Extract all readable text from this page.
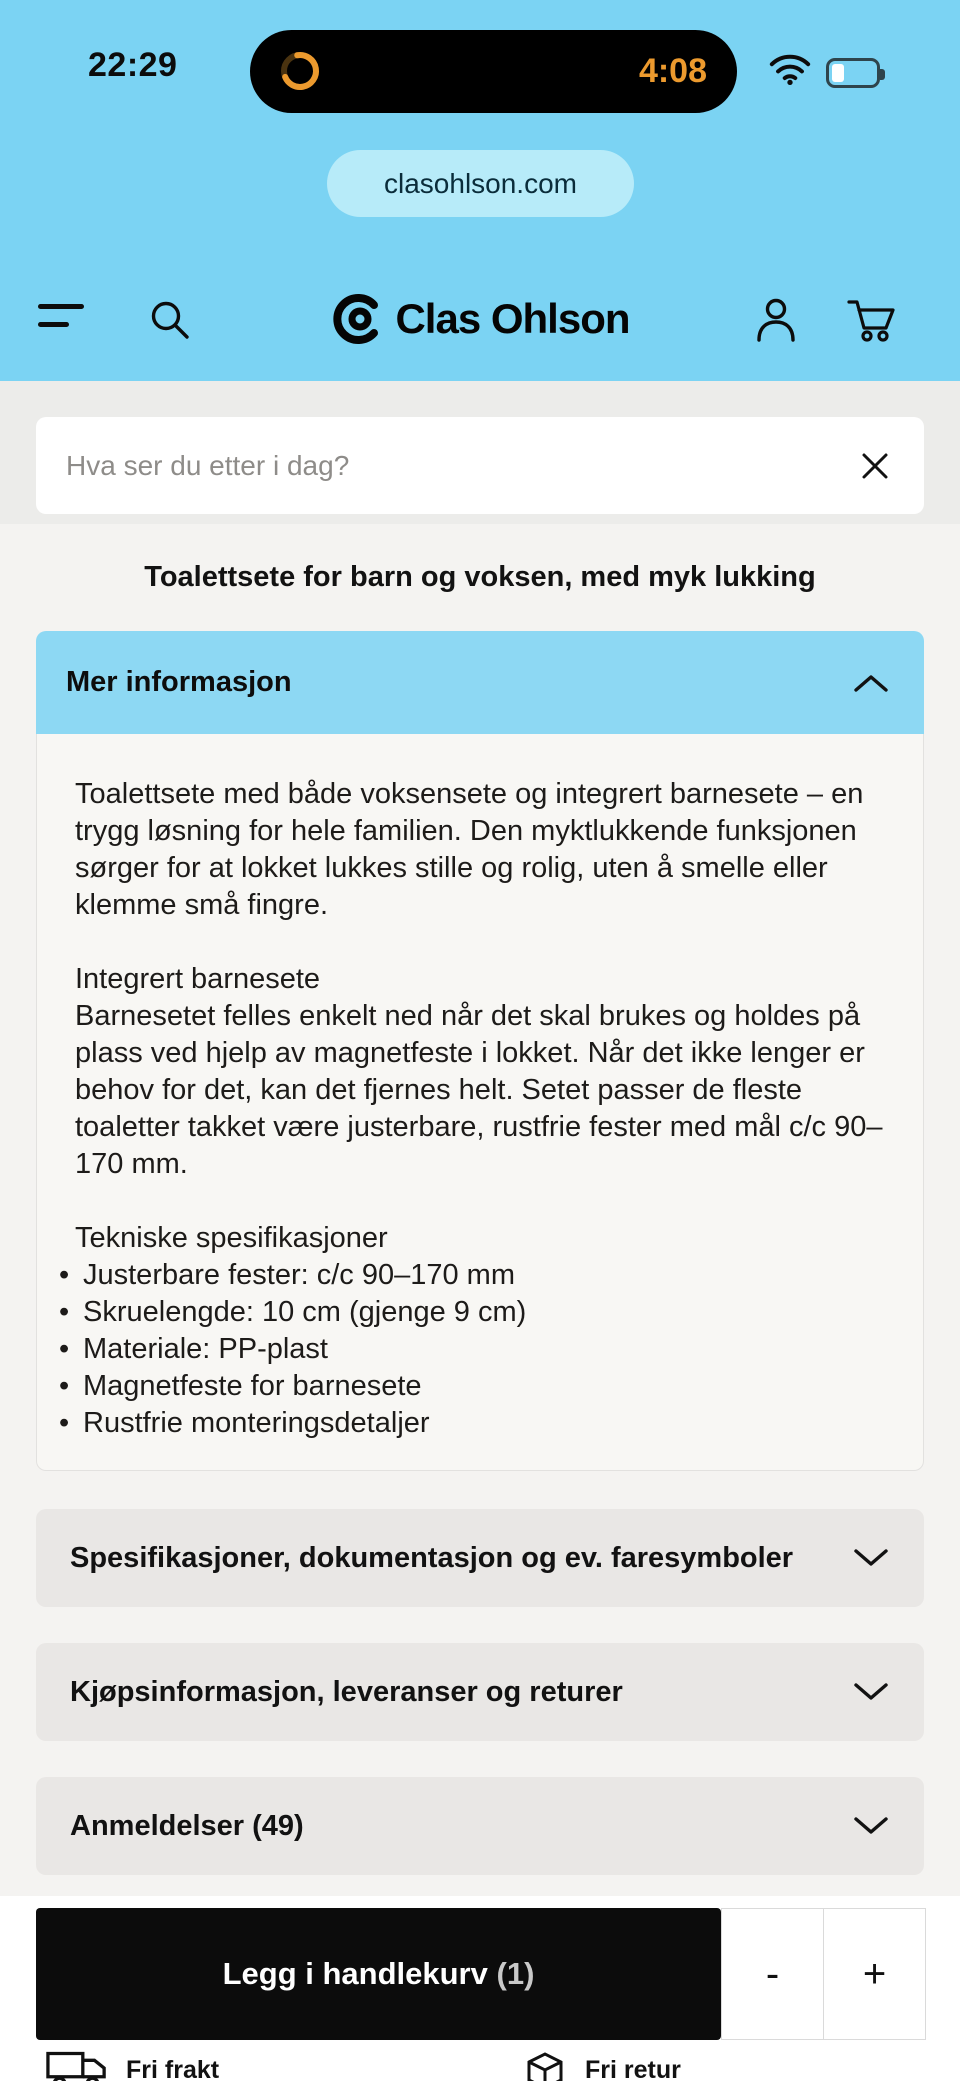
22:29	4:08
clasohlson.com
Clas Ohlson
Hva ser du etter i dag?
Toalettsete for barn og voksen, med myk lukking
Mer informasjon
Toalettsete med både voksensete og integrert barnesete – en trygg løsning for hele familien. Den myktlukkende funksjonen sørger for at lokket lukkes stille og rolig, uten å smelle eller klemme små fingre.
Integrert barnesete
Barnesetet felles enkelt ned når det skal brukes og holdes på plass ved hjelp av magnetfeste i lokket. Når det ikke lenger er behov for det, kan det fjernes helt. Setet passer de fleste toaletter takket være justerbare, rustfrie fester med mål c/c 90–170 mm.
Tekniske spesifikasjoner
• Justerbare fester: c/c 90–170 mm
• Skruelengde: 10 cm (gjenge 9 cm)
• Materiale: PP-plast
• Magnetfeste for barnesete
• Rustfrie monteringsdetaljer
Spesifikasjoner, dokumentasjon og ev. faresymboler
Kjøpsinformasjon, leveranser og returer
Anmeldelser (49)
Legg i handlekurv (1)	-	+
Fri frakt	Fri retur
